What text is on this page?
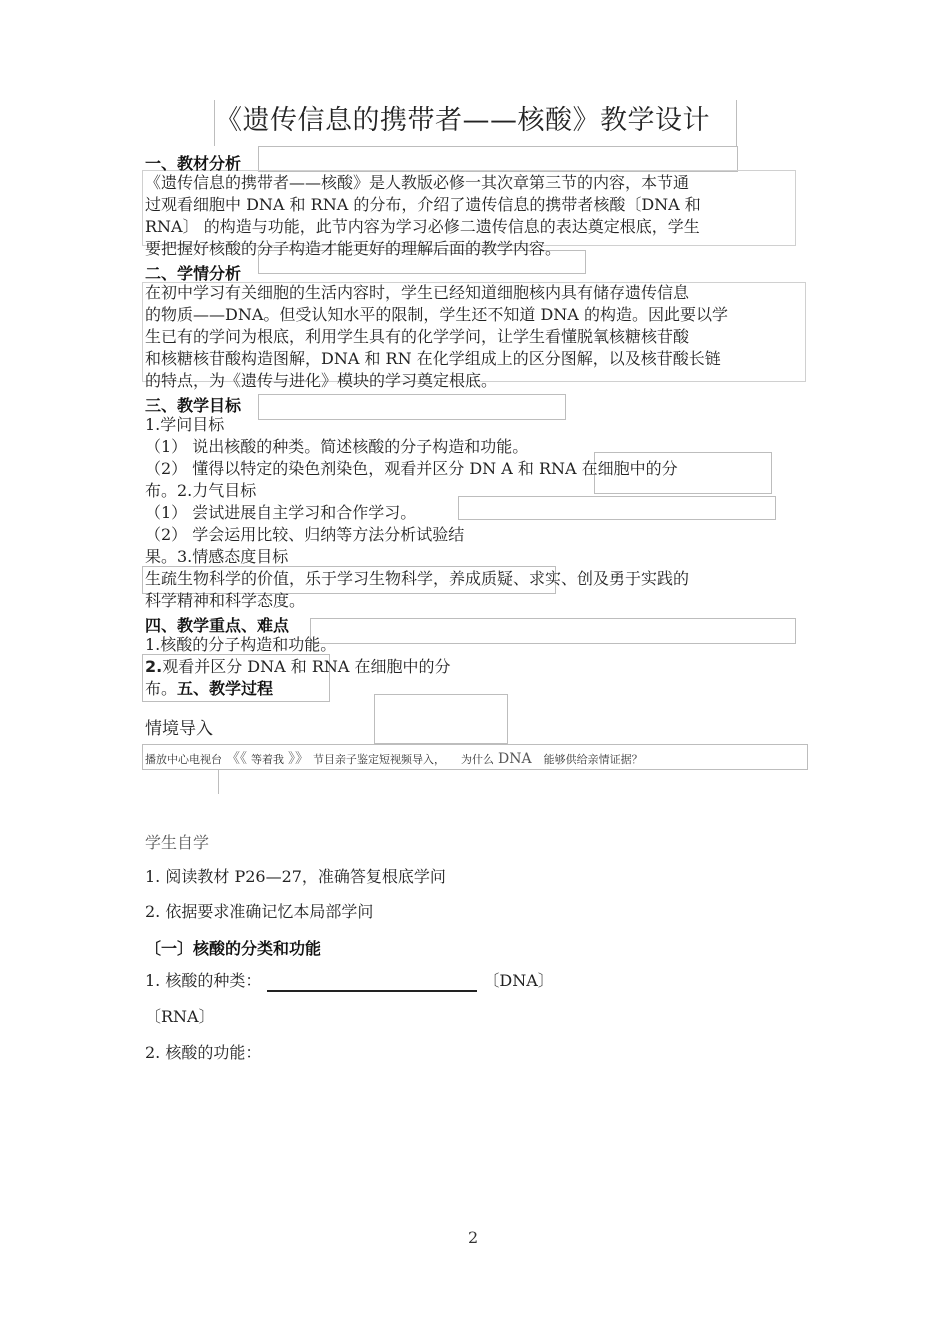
《遗传信息的携带者——核酸》教学设计
一、教材分析
《遗传信息的携带者——核酸》是人教版必修一其次章第三节的内容，本节通
过观看细胞中 DNA 和 RNA 的分布，介绍了遗传信息的携带者核酸〔DNA 和
RNA〕 的构造与功能，此节内容为学习必修二遗传信息的表达奠定根底，学生
要把握好核酸的分子构造才能更好的理解后面的教学内容。
二、学情分析
在初中学习有关细胞的生活内容时，学生已经知道细胞核内具有储存遗传信息
的物质——DNA。但受认知水平的限制，学生还不知道 DNA 的构造。因此要以学
生已有的学问为根底，利用学生具有的化学学问，让学生看懂脱氧核糖核苷酸
和核糖核苷酸构造图解，DNA 和 RN 在化学组成上的区分图解，以及核苷酸长链
的特点，为《遗传与进化》模块的学习奠定根底。
三、教学目标
1.学问目标
（1） 说出核酸的种类。简述核酸的分子构造和功能。
（2） 懂得以特定的染色剂染色，观看并区分 DN A 和 RNA 在细胞中的分
布。2.力气目标
（1） 尝试进展自主学习和合作学习。
（2） 学会运用比较、归纳等方法分析试验结
果。3.情感态度目标
生疏生物科学的价值，乐于学习生物科学，养成质疑、求实、创及勇于实践的
科学精神和科学态度。
四、教学重点、难点
1.核酸的分子构造和功能。
2.观看并区分 DNA 和 RNA 在细胞中的分
布。五、教学过程
情境导入
播放中心电视台 《《 等着我 》》 节目亲子鉴定短视频导入， 为什么 DNA 能够供给亲情证据？
学生自学
1. 阅读教材 P26—27，准确答复根底学问
2. 依据要求准确记忆本局部学问
〔一〕核酸的分类和功能
1. 核酸的种类：	〔DNA〕
〔RNA〕
2. 核酸的功能：
2
